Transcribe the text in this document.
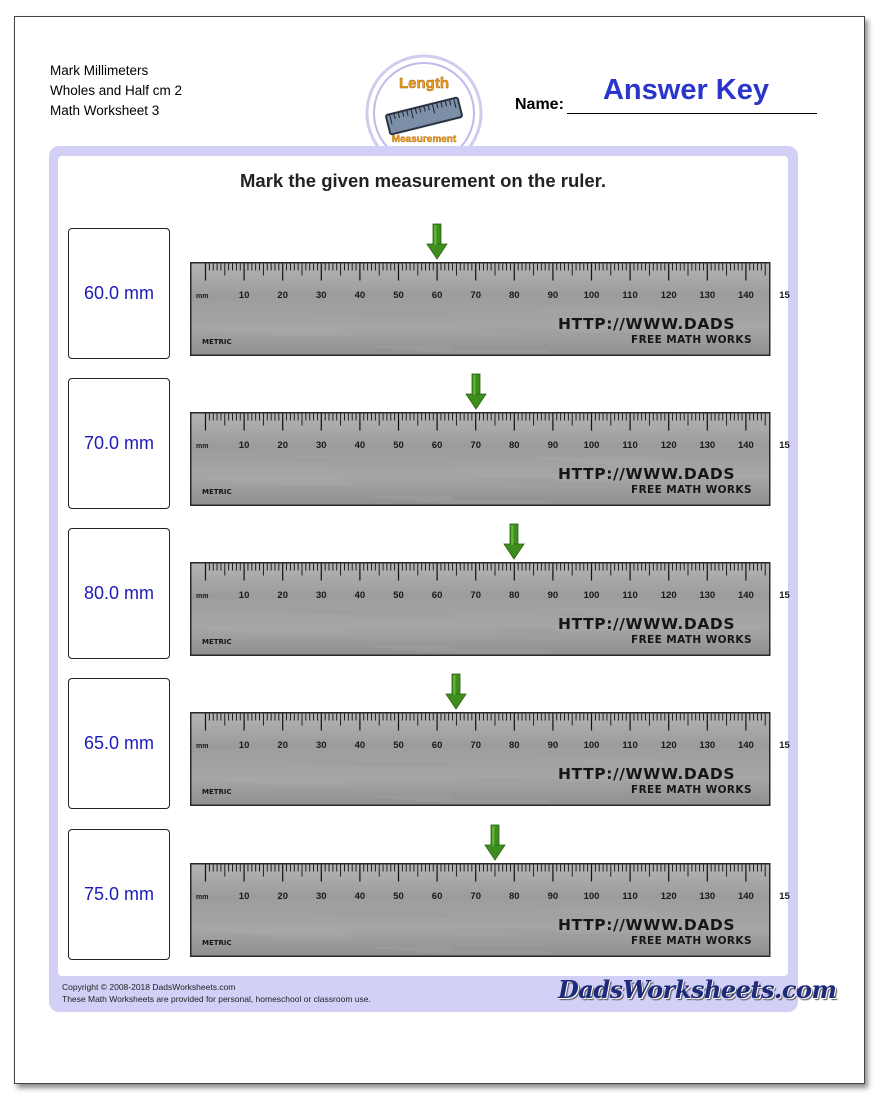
Mark Millimeters
Wholes and Half cm 2
Math Worksheet 3
Length
Measurement
Name:	Answer Key
Mark the given measurement on the ruler.
60.0 mm	mm	10	20	30	40	50	60	70	80	90	100 110 120 130 140	15
HTTP://WWW.DADS
FREE MATH WORKS
METRIC
70.0 mm	mm	10	20	30	40	50	60	70	80	90	100 110 120 130 140	15
HTTP://WWW.DADS
FREE MATH WORKS
METRIC
80.0 mm	mm	10	20	30	40	50	60	70	80	90	100 110 120 130 140	15
HTTP://WWW.DADS
FREE MATH WORKS
METRIC
65.0 mm	mm	10	20	30	40	50	60	70	80	90	100 110 120 130 140	15
HTTP://WWW.DADS
FREE MATH WORKS
METRIC
75.0 mm	mm	10	20	30	40	50	60	70	80	90	100 110 120 130 140	15
HTTP://WWW.DADS
FREE MATH WORKS
METRIC
Copyright © 2008-2018 DadsWorksheets.com
These Math Worksheets are provided for personal, homeschool or classroom use.	DadsWorksheets.com
